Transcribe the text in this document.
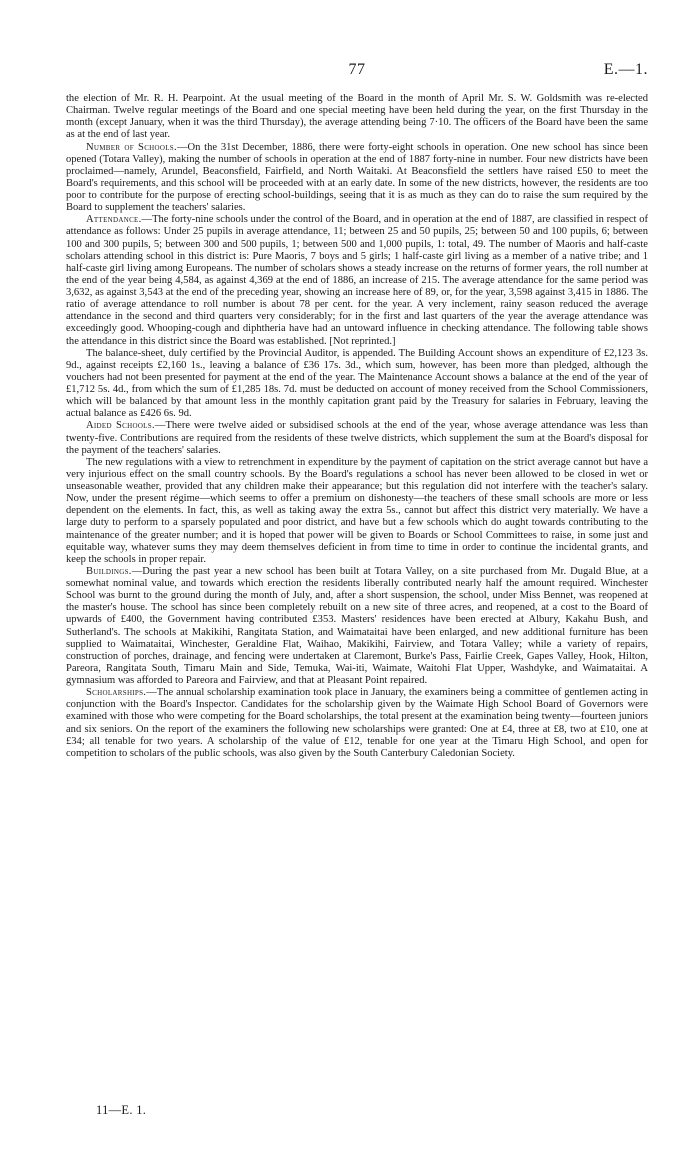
77	E.—1.

the election of Mr. R. H. Pearpoint. At the usual meeting of the Board in the month of April Mr. S. W. Goldsmith was re-elected Chairman. Twelve regular meetings of the Board and one special meeting have been held during the year, on the first Thursday in the month (except January, when it was the third Thursday), the average attending being 7·10. The officers of the Board have been the same as at the end of last year.

Number of Schools.—On the 31st December, 1886, there were forty-eight schools in operation. One new school has since been opened (Totara Valley), making the number of schools in operation at the end of 1887 forty-nine in number. Four new districts have been proclaimed—namely, Arundel, Beaconsfield, Fairfield, and North Waitaki. At Beaconsfield the settlers have raised £50 to meet the Board's requirements, and this school will be proceeded with at an early date. In some of the new districts, however, the residents are too poor to contribute for the purpose of erecting school-buildings, seeing that it is as much as they can do to raise the sum required by the Board to supplement the teachers' salaries.

Attendance.—The forty-nine schools under the control of the Board, and in operation at the end of 1887, are classified in respect of attendance as follows: Under 25 pupils in average attendance, 11; between 25 and 50 pupils, 25; between 50 and 100 pupils, 6; between 100 and 300 pupils, 5; between 300 and 500 pupils, 1; between 500 and 1,000 pupils, 1: total, 49. The number of Maoris and half-caste scholars attending school in this district is: Pure Maoris, 7 boys and 5 girls; 1 half-caste girl living as a member of a native tribe; and 1 half-caste girl living among Europeans. The number of scholars shows a steady increase on the returns of former years, the roll number at the end of the year being 4,584, as against 4,369 at the end of 1886, an increase of 215. The average attendance for the same period was 3,632, as against 3,543 at the end of the preceding year, showing an increase here of 89, or, for the year, 3,598 against 3,415 in 1886. The ratio of average attendance to roll number is about 78 per cent. for the year. A very inclement, rainy season reduced the average attendance in the second and third quarters very considerably; for in the first and last quarters of the year the average attendance was exceedingly good. Whooping-cough and diphtheria have had an untoward influence in checking attendance. The following table shows the attendance in this district since the Board was established. [Not reprinted.]

The balance-sheet, duly certified by the Provincial Auditor, is appended. The Building Account shows an expenditure of £2,123 3s. 9d., against receipts £2,160 1s., leaving a balance of £36 17s. 3d., which sum, however, has been more than pledged, although the vouchers had not been presented for payment at the end of the year. The Maintenance Account shows a balance at the end of the year of £1,712 5s. 4d., from which the sum of £1,285 18s. 7d. must be deducted on account of money received from the School Commissioners, which will be balanced by that amount less in the monthly capitation grant paid by the Treasury for salaries in February, leaving the actual balance as £426 6s. 9d.

Aided Schools.—There were twelve aided or subsidised schools at the end of the year, whose average attendance was less than twenty-five. Contributions are required from the residents of these twelve districts, which supplement the sum at the Board's disposal for the payment of the teachers' salaries.

The new regulations with a view to retrenchment in expenditure by the payment of capitation on the strict average cannot but have a very injurious effect on the small country schools. By the Board's regulations a school has never been allowed to be closed in wet or unseasonable weather, provided that any children make their appearance; but this regulation did not interfere with the teacher's salary. Now, under the present régime—which seems to offer a premium on dishonesty—the teachers of these small schools are more or less dependent on the elements. In fact, this, as well as taking away the extra 5s., cannot but affect this district very materially. We have a large duty to perform to a sparsely populated and poor district, and have but a few schools which do aught towards contributing to the maintenance of the greater number; and it is hoped that power will be given to Boards or School Committees to raise, in some just and equitable way, whatever sums they may deem themselves deficient in from time to time in order to continue the incidental grants, and keep the schools in proper repair.

Buildings.—During the past year a new school has been built at Totara Valley, on a site purchased from Mr. Dugald Blue, at a somewhat nominal value, and towards which erection the residents liberally contributed nearly half the amount required. Winchester School was burnt to the ground during the month of July, and, after a short suspension, the school, under Miss Bennet, was reopened at the master's house. The school has since been completely rebuilt on a new site of three acres, and reopened, at a cost to the Board of upwards of £400, the Government having contributed £353. Masters' residences have been erected at Albury, Kakahu Bush, and Sutherland's. The schools at Makikihi, Rangitata Station, and Waimataitai have been enlarged, and new additional furniture has been supplied to Waimataitai, Winchester, Geraldine Flat, Waihao, Makikihi, Fairview, and Totara Valley; while a variety of repairs, construction of porches, drainage, and fencing were undertaken at Claremont, Burke's Pass, Fairlie Creek, Gapes Valley, Hook, Hilton, Pareora, Rangitata South, Timaru Main and Side, Temuka, Wai-iti, Waimate, Waitohi Flat Upper, Washdyke, and Waimataitai. A gymnasium was afforded to Pareora and Fairview, and that at Pleasant Point repaired.

Scholarships.—The annual scholarship examination took place in January, the examiners being a committee of gentlemen acting in conjunction with the Board's Inspector. Candidates for the scholarship given by the Waimate High School Board of Governors were examined with those who were competing for the Board scholarships, the total present at the examination being twenty—fourteen juniors and six seniors. On the report of the examiners the following new scholarships were granted: One at £4, three at £8, two at £10, one at £34; all tenable for two years. A scholarship of the value of £12, tenable for one year at the Timaru High School, and open for competition to scholars of the public schools, was also given by the South Canterbury Caledonian Society.

11—E. 1.
